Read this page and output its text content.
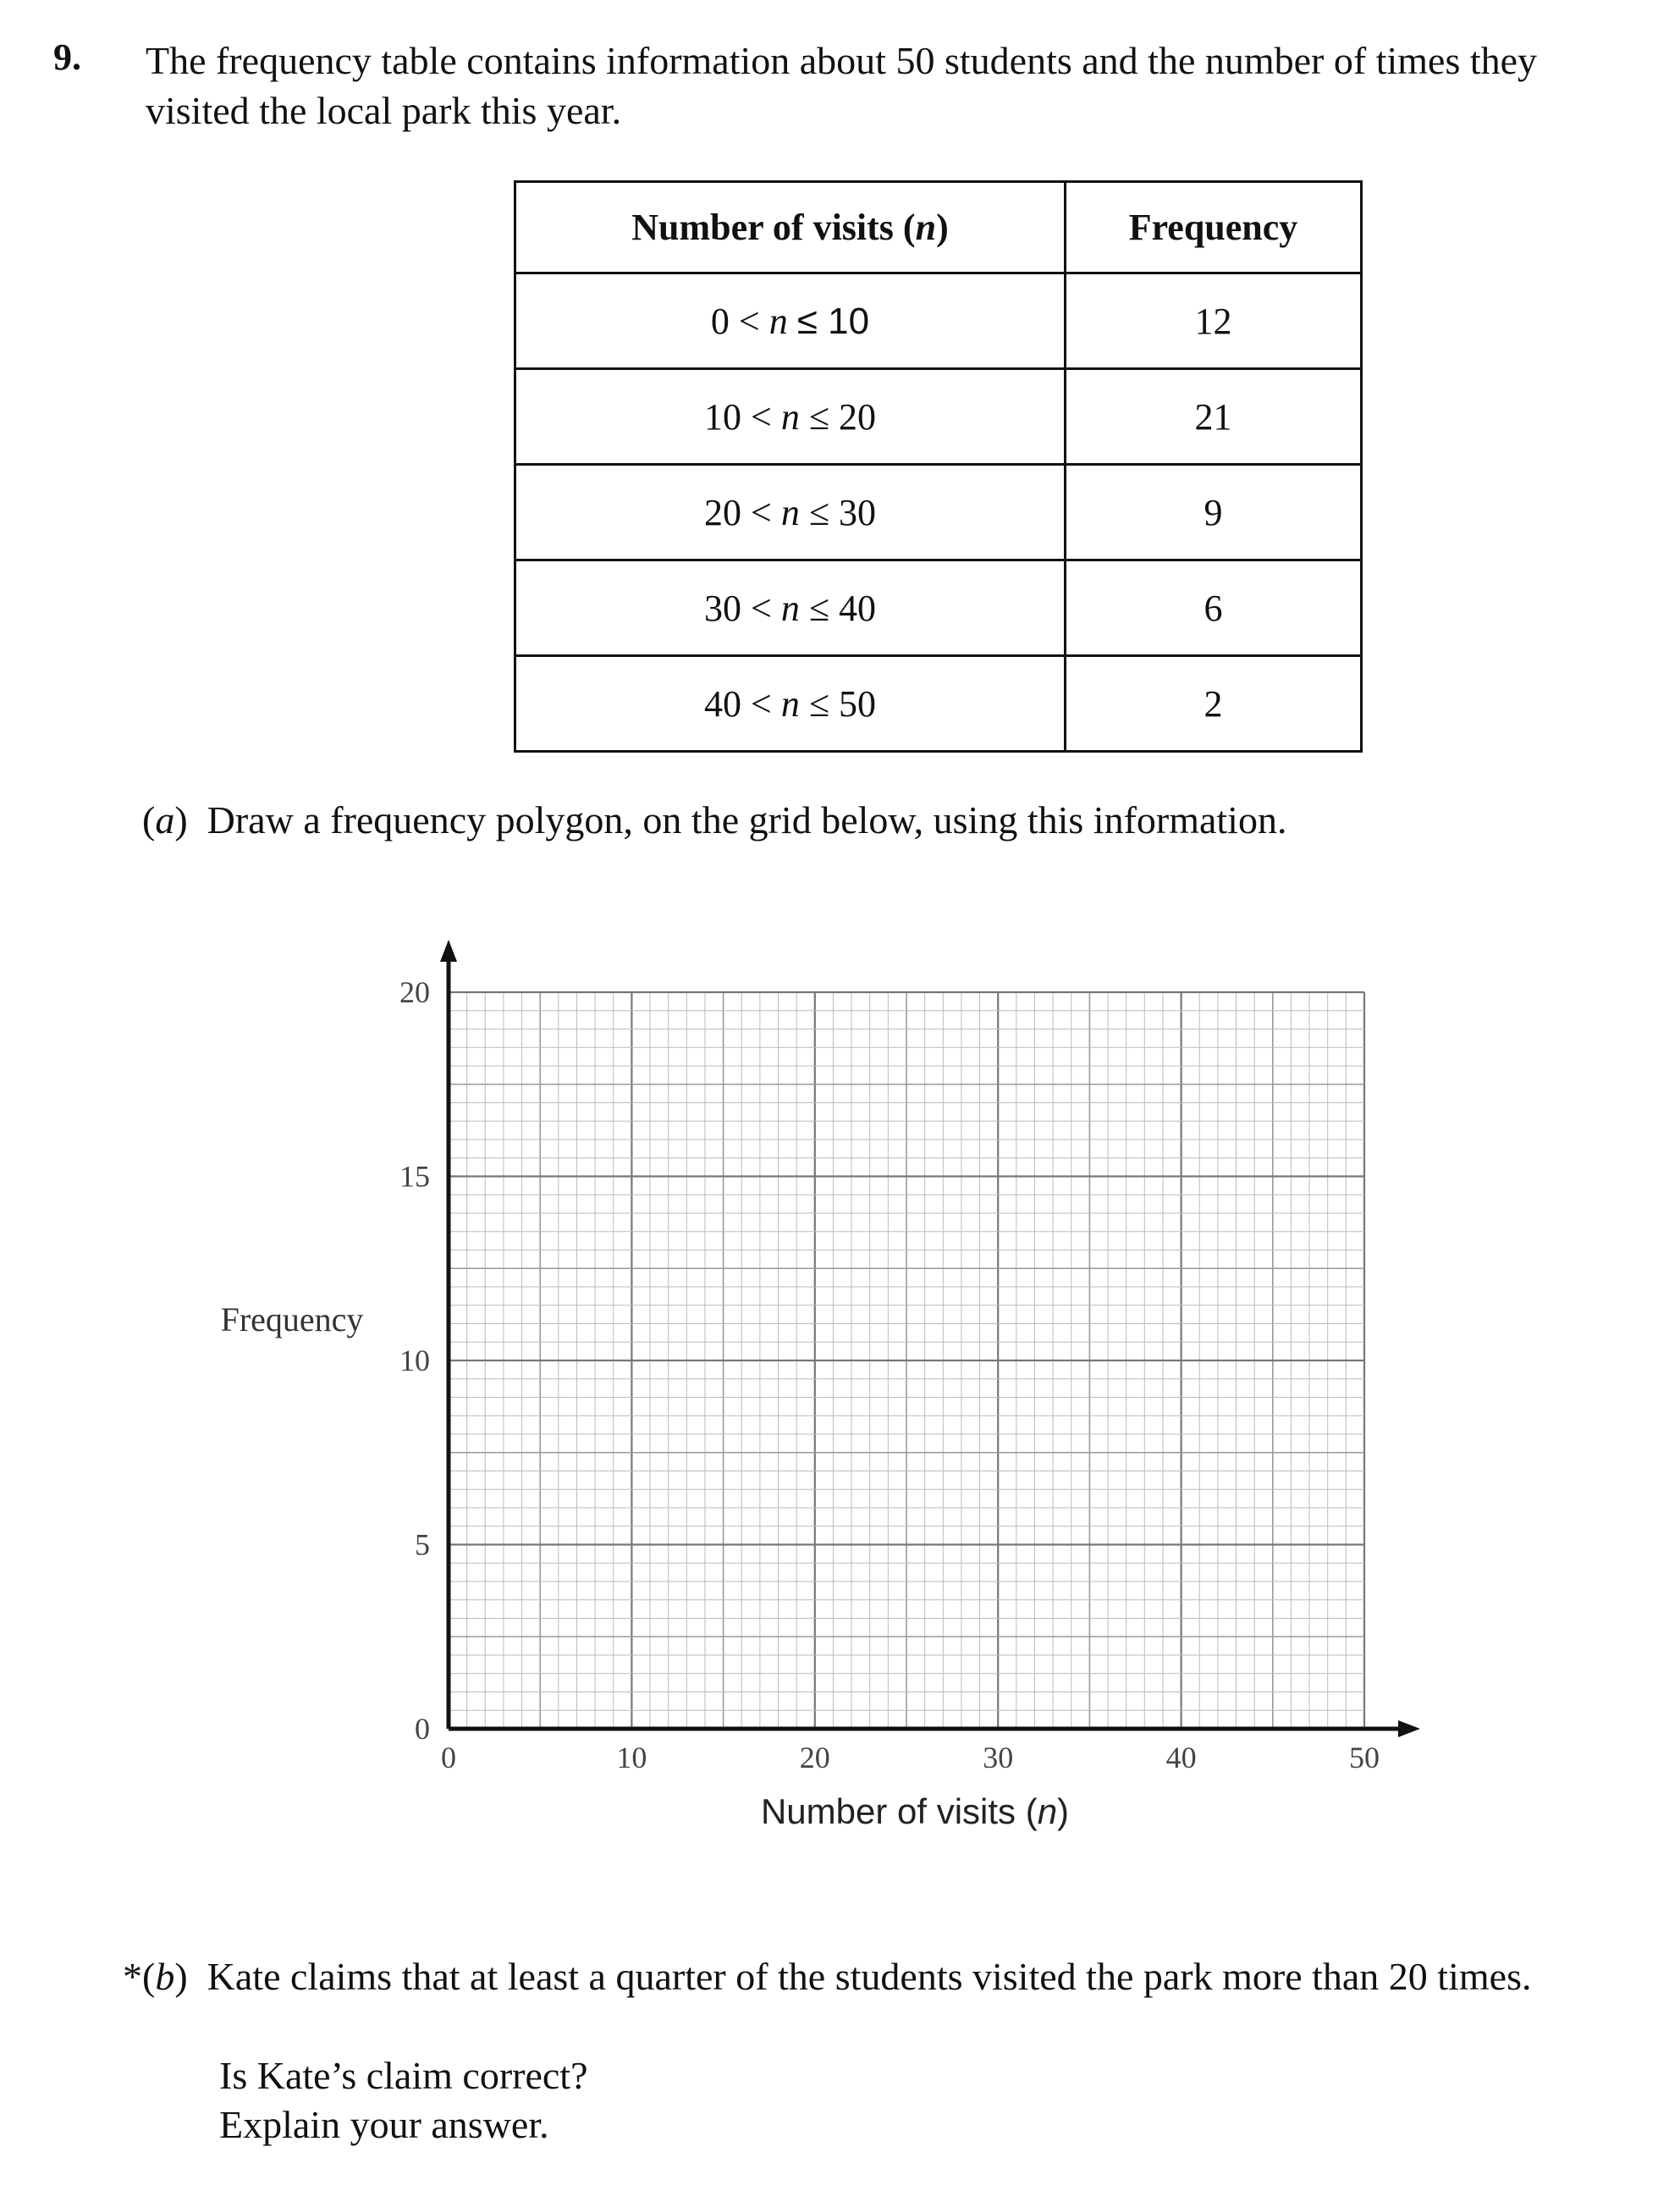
9. The frequency table contains information about 50 students and the number of times they
visited the local park this year.
Number of visits (n)	Frequency
0 < n ≤ 10	12
10 < n ≤ 20	21
20 < n ≤ 30	9
30 < n ≤ 40	6
40 < n ≤ 50	2
(a) Draw a frequency polygon, on the grid below, using this information.
0	10	20	30	40	50
0
5
10
15
20
Frequency
Number of visits (n)
*(b) Kate claims that at least a quarter of the students visited the park more than 20 times.
Is Kate’s claim correct?
Explain your answer.
